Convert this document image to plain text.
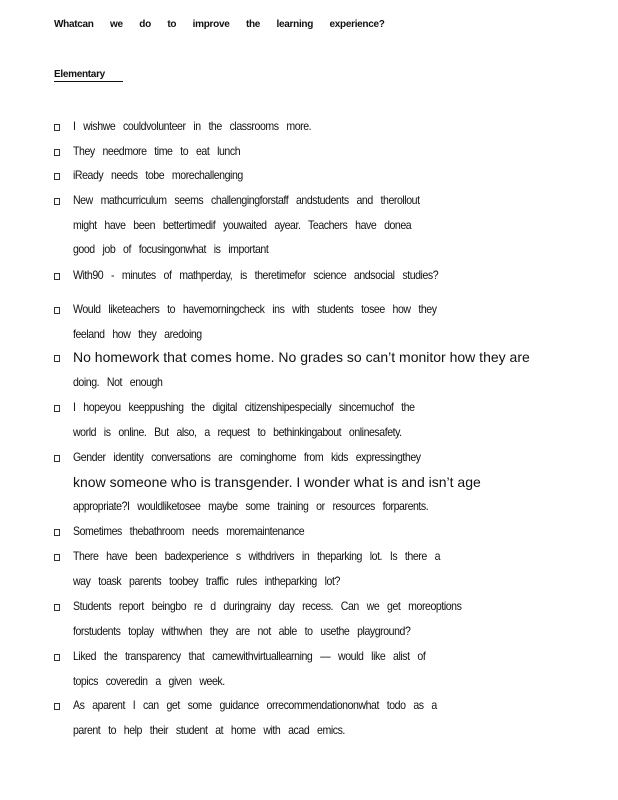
Whatcan we do to improve the learning experience?
Elementary
I wishwe couldvolunteer in the classrooms more.
They needmore time to eat lunch
iReady needs tobe morechallenging
New mathcurriculum seems challengingforstaff andstudents and therollout
might have been bettertimedif youwaited ayear. Teachers have donea
good job of focusingonwhat is important
With90 - minutes of mathperday, is theretimefor science andsocial studies?
Would liketeachers to havemorningcheck ins with students tosee how they
feeland how they aredoing
No homework that comes home. No grades so can’t monitor how they are
doing. Not enough
I hopeyou keeppushing the digital citizenshipespecially sincemuchof the
world is online. But also, a request to bethinkingabout onlinesafety.
Gender identity conversations are cominghome from kids expressingthey
know someone who is transgender. I wonder what is and isn’t age
appropriate?I wouldliketosee maybe some training or resources forparents.
Sometimes thebathroom needs moremaintenance
There have been badexperience s withdrivers in theparking lot. Is there a
way toask parents toobey traffic rules intheparking lot?
Students report beingbo re d duringrainy day recess. Can we get moreoptions
forstudents toplay withwhen they are not able to usethe playground?
Liked the transparency that camewithvirtuallearning — would like alist of
topics coveredin a given week.
As aparent I can get some guidance orrecommendationonwhat todo as a
parent to help their student at home with acad emics.
